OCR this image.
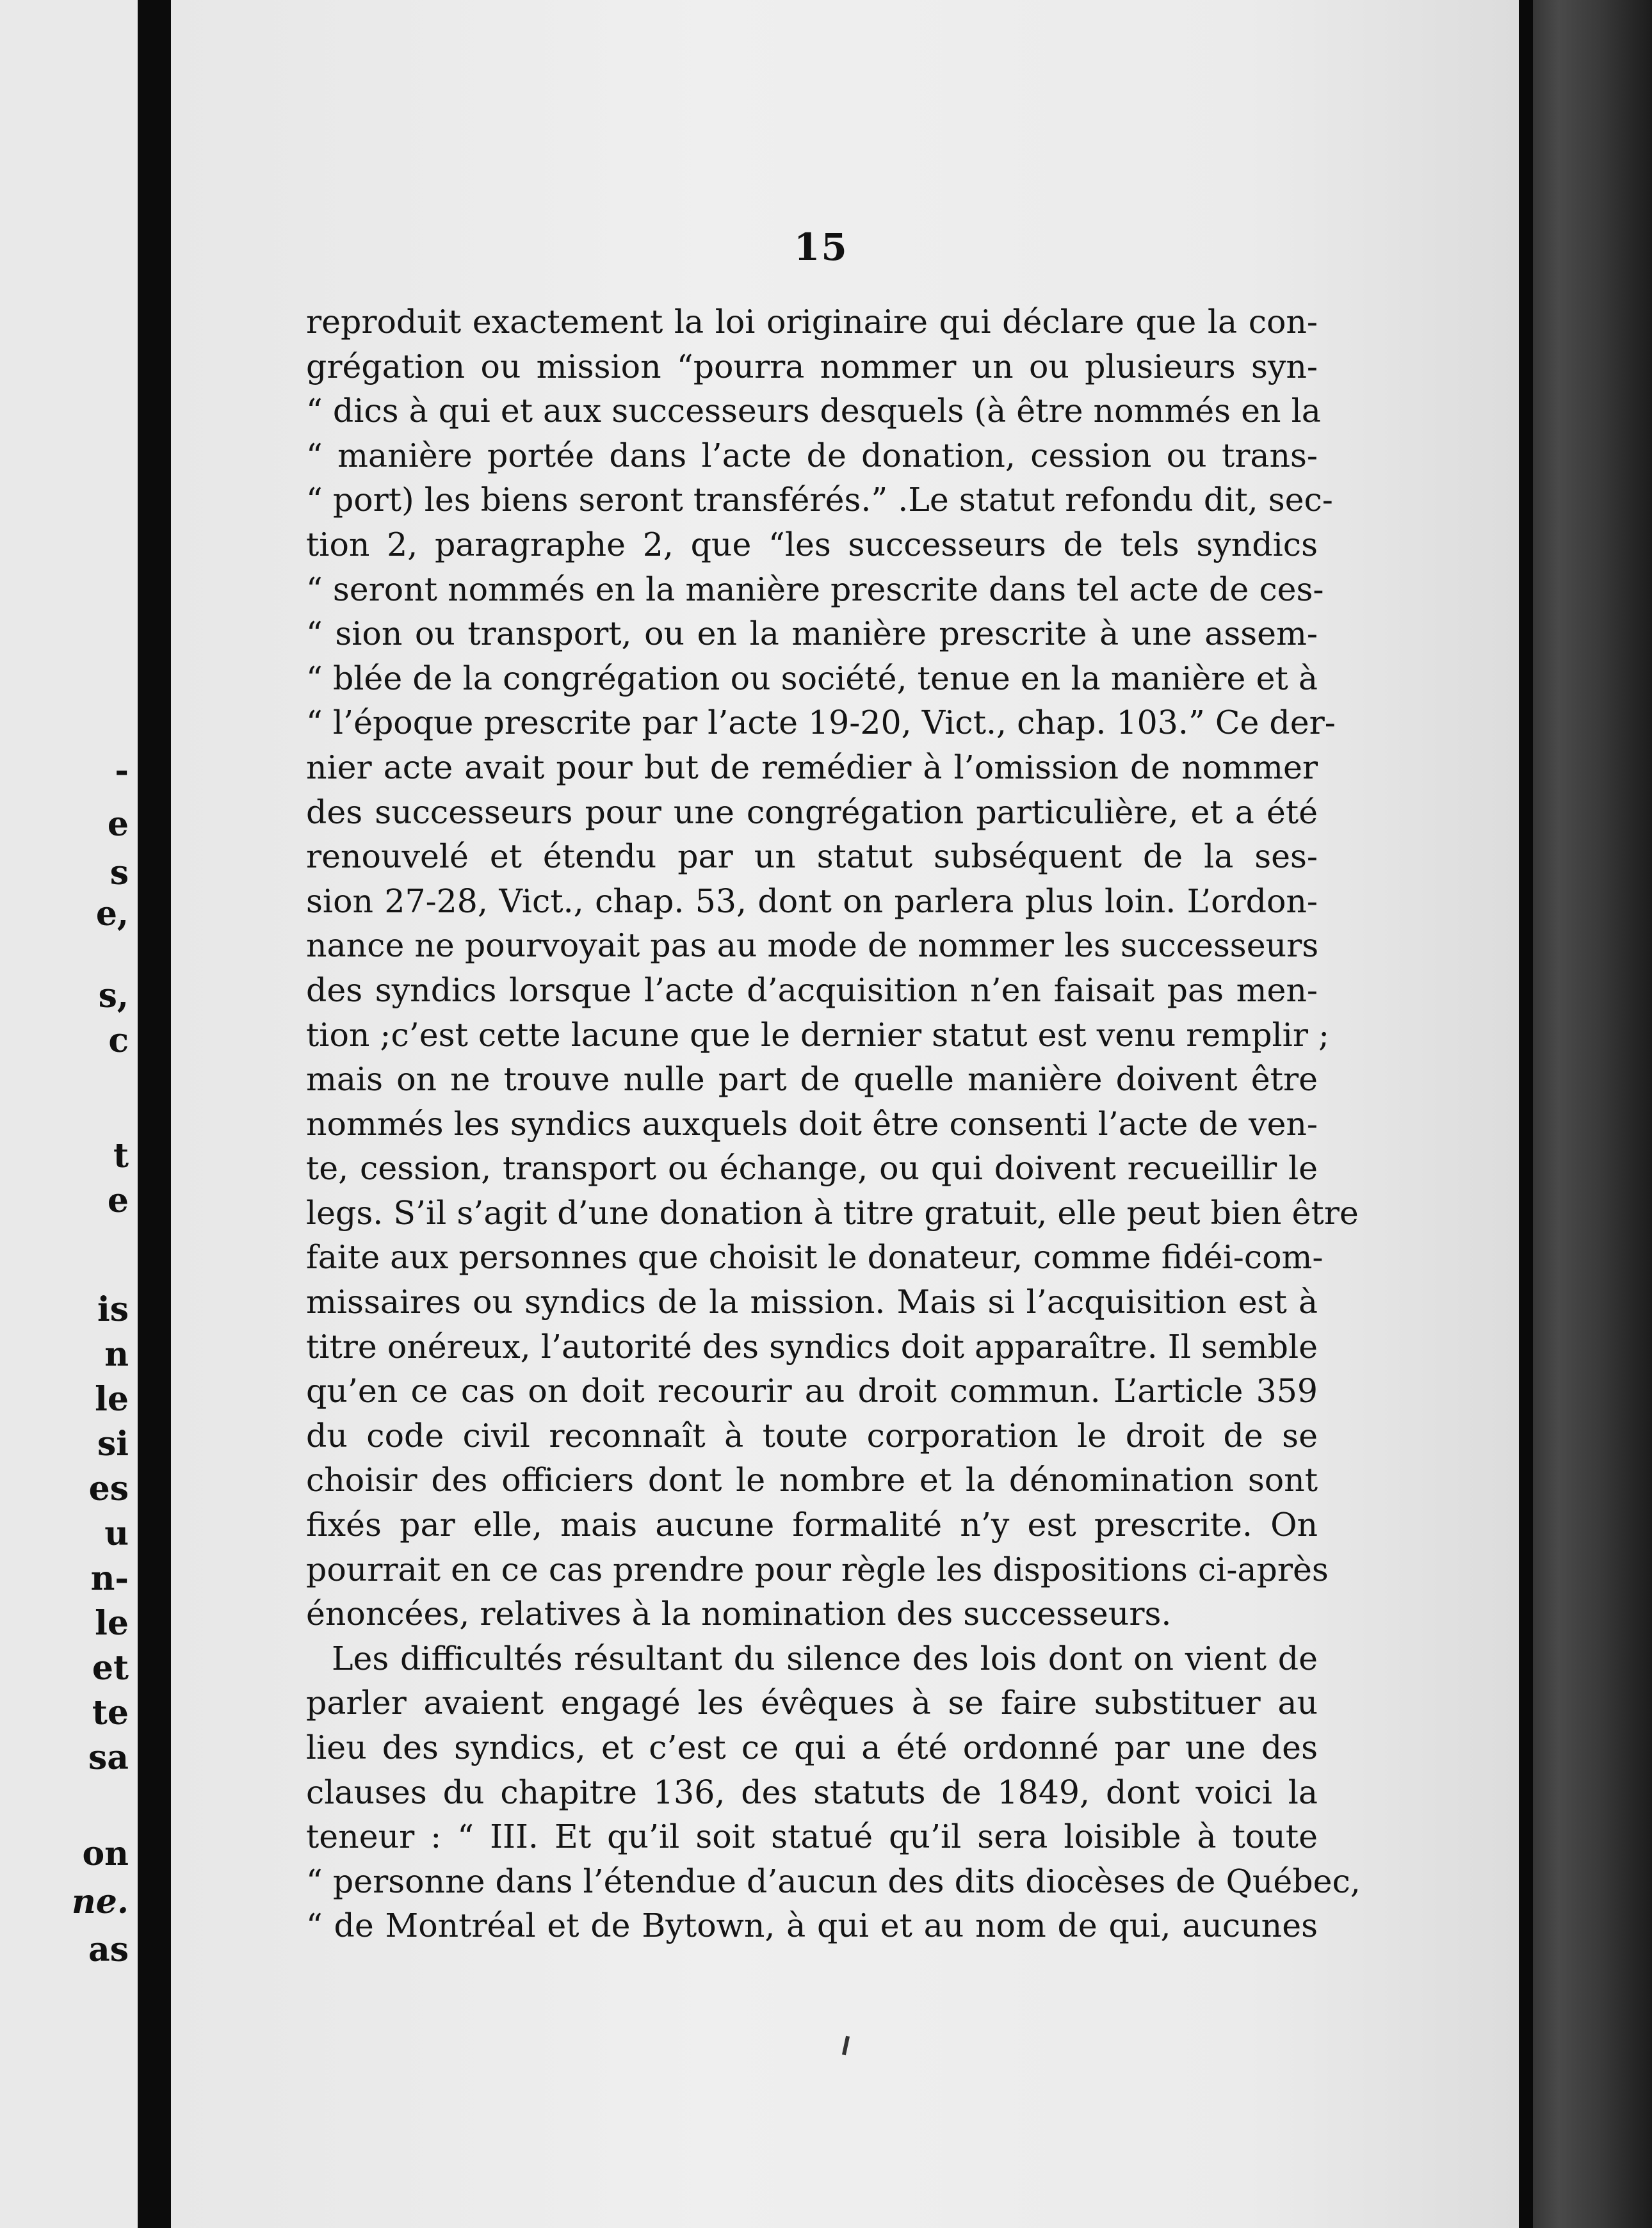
-
e
s
e,
s,
c
t
e
is
n
le
si
es
u
n-
le
et
te
sa
on
ne.
as
15
reproduit exactement la loi originaire qui déclare que la con-
grégation ou mission “pourra nommer un ou plusieurs syn-
“ dics à qui et aux successeurs desquels (à être nommés en la
“ manière portée dans l’acte de donation, cession ou trans-
“ port) les biens seront transférés.” .Le statut refondu dit, sec-
tion 2, paragraphe 2, que “les successeurs de tels syndics
“ seront nommés en la manière prescrite dans tel acte de ces-
“ sion ou transport, ou en la manière prescrite à une assem-
“ blée de la congrégation ou société, tenue en la manière et à
“ l’époque prescrite par l’acte 19-20, Vict., chap. 103.” Ce der-
nier acte avait pour but de remédier à l’omission de nommer
des successeurs pour une congrégation particulière, et a été
renouvelé et étendu par un statut subséquent de la ses-
sion 27-28, Vict., chap. 53, dont on parlera plus loin. L’ordon-
nance ne pourvoyait pas au mode de nommer les successeurs
des syndics lorsque l’acte d’acquisition n’en faisait pas men-
tion ;c’est cette lacune que le dernier statut est venu remplir ;
mais on ne trouve nulle part de quelle manière doivent être
nommés les syndics auxquels doit être consenti l’acte de ven-
te, cession, transport ou échange, ou qui doivent recueillir le
legs. S’il s’agit d’une donation à titre gratuit, elle peut bien être
faite aux personnes que choisit le donateur, comme fidéi-com-
missaires ou syndics de la mission. Mais si l’acquisition est à
titre onéreux, l’autorité des syndics doit apparaître. Il semble
qu’en ce cas on doit recourir au droit commun. L’article 359
du code civil reconnaît à toute corporation le droit de se
choisir des officiers dont le nombre et la dénomination sont
fixés par elle, mais aucune formalité n’y est prescrite. On
pourrait en ce cas prendre pour règle les dispositions ci-après
énoncées, relatives à la nomination des successeurs.
Les difficultés résultant du silence des lois dont on vient de
parler avaient engagé les évêques à se faire substituer au
lieu des syndics, et c’est ce qui a été ordonné par une des
clauses du chapitre 136, des statuts de 1849, dont voici la
teneur : “ III. Et qu’il soit statué qu’il sera loisible à toute
“ personne dans l’étendue d’aucun des dits diocèses de Québec,
“ de Montréal et de Bytown, à qui et au nom de qui, aucunes
